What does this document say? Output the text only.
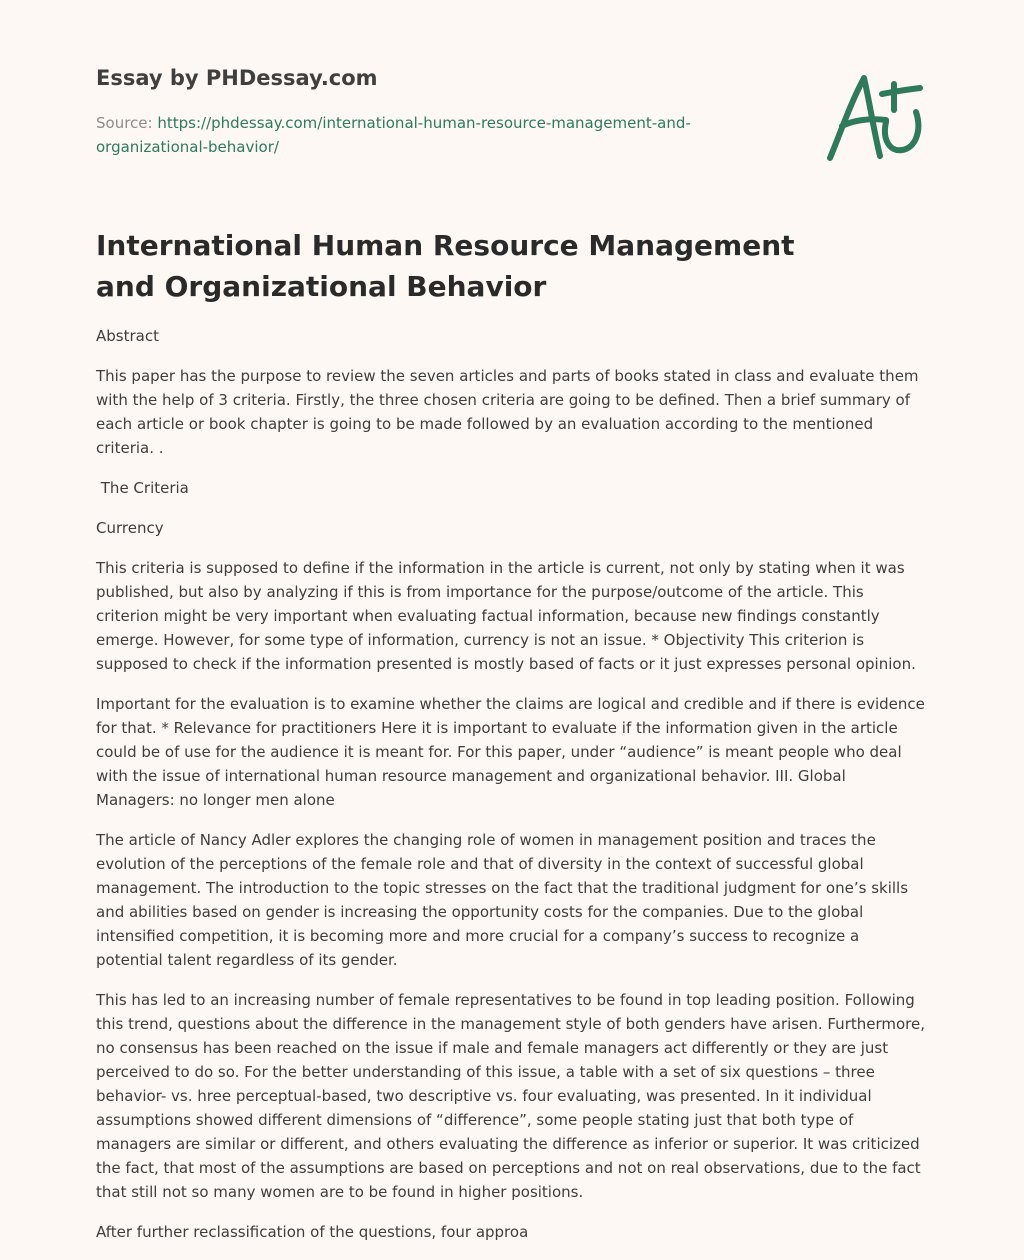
Essay by PHDessay.com
Source: https://phdessay.com/international-human-resource-management-and-organizational-behavior/
International Human Resource Management and Organizational Behavior

Abstract

This paper has the purpose to review the seven articles and parts of books stated in class and evaluate them with the help of 3 criteria. Firstly, the three chosen criteria are going to be defined. Then a brief summary of each article or book chapter is going to be made followed by an evaluation according to the mentioned criteria. .

The Criteria

Currency

This criteria is supposed to define if the information in the article is current, not only by stating when it was published, but also by analyzing if this is from importance for the purpose/outcome of the article. This criterion might be very important when evaluating factual information, because new findings constantly emerge. However, for some type of information, currency is not an issue. * Objectivity This criterion is supposed to check if the information presented is mostly based of facts or it just expresses personal opinion.

Important for the evaluation is to examine whether the claims are logical and credible and if there is evidence for that. * Relevance for practitioners Here it is important to evaluate if the information given in the article could be of use for the audience it is meant for. For this paper, under “audience” is meant people who deal with the issue of international human resource management and organizational behavior. III. Global Managers: no longer men alone

The article of Nancy Adler explores the changing role of women in management position and traces the evolution of the perceptions of the female role and that of diversity in the context of successful global management. The introduction to the topic stresses on the fact that the traditional judgment for one’s skills and abilities based on gender is increasing the opportunity costs for the companies. Due to the global intensified competition, it is becoming more and more crucial for a company’s success to recognize a potential talent regardless of its gender.

This has led to an increasing number of female representatives to be found in top leading position. Following this trend, questions about the difference in the management style of both genders have arisen. Furthermore, no consensus has been reached on the issue if male and female managers act differently or they are just perceived to do so. For the better understanding of this issue, a table with a set of six questions – three behavior- vs. hree perceptual-based, two descriptive vs. four evaluating, was presented. In it individual assumptions showed different dimensions of “difference”, some people stating just that both type of managers are similar or different, and others evaluating the difference as inferior or superior. It was criticized the fact, that most of the assumptions are based on perceptions and not on real observations, due to the fact that still not so many women are to be found in higher positions.

After further reclassification of the questions, four approa
